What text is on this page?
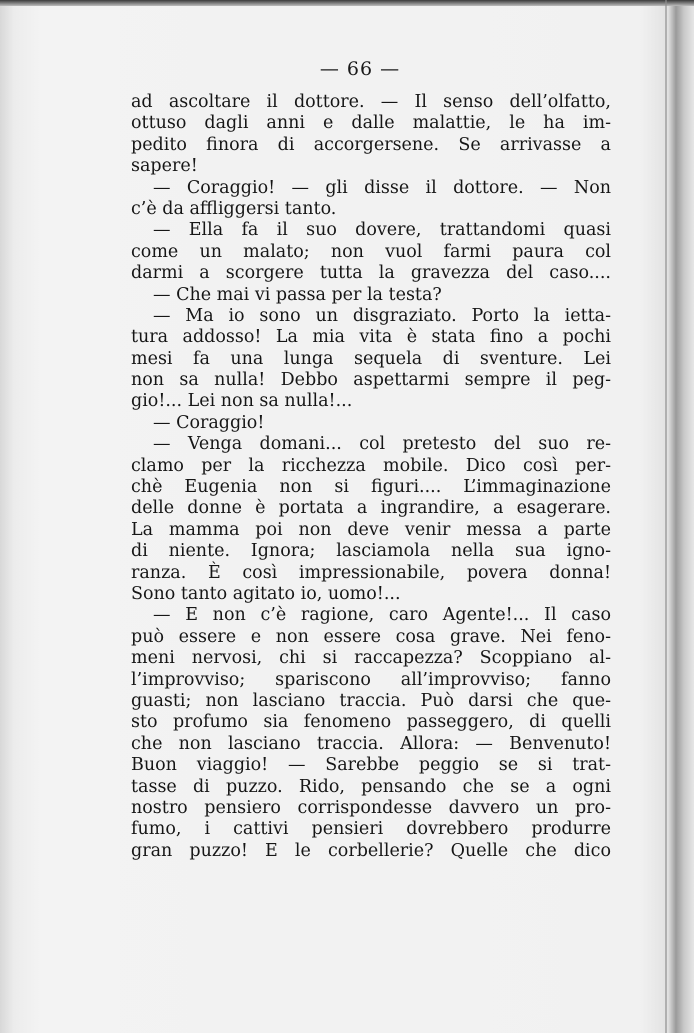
— 66 —
ad ascoltare il dottore. — Il senso dell’olfatto,
ottuso dagli anni e dalle malattie, le ha im-
pedito finora di accorgersene. Se arrivasse a
sapere!
— Coraggio! — gli disse il dottore. — Non
c’è da affliggersi tanto.
— Ella fa il suo dovere, trattandomi quasi
come un malato; non vuol farmi paura col
darmi a scorgere tutta la gravezza del caso....
— Che mai vi passa per la testa?
— Ma io sono un disgraziato. Porto la ietta-
tura addosso! La mia vita è stata fino a pochi
mesi fa una lunga sequela di sventure. Lei
non sa nulla! Debbo aspettarmi sempre il peg-
gio!... Lei non sa nulla!...
— Coraggio!
— Venga domani... col pretesto del suo re-
clamo per la ricchezza mobile. Dico così per-
chè Eugenia non si figuri.... L’immaginazione
delle donne è portata a ingrandire, a esagerare.
La mamma poi non deve venir messa a parte
di niente. Ignora; lasciamola nella sua igno-
ranza. È così impressionabile, povera donna!
Sono tanto agitato io, uomo!...
— E non c’è ragione, caro Agente!... Il caso
può essere e non essere cosa grave. Nei feno-
meni nervosi, chi si raccapezza? Scoppiano al-
l’improvviso; spariscono all’improvviso; fanno
guasti; non lasciano traccia. Può darsi che que-
sto profumo sia fenomeno passeggero, di quelli
che non lasciano traccia. Allora: — Benvenuto!
Buon viaggio! — Sarebbe peggio se si trat-
tasse di puzzo. Rido, pensando che se a ogni
nostro pensiero corrispondesse davvero un pro-
fumo, i cattivi pensieri dovrebbero produrre
gran puzzo! E le corbellerie? Quelle che dico
